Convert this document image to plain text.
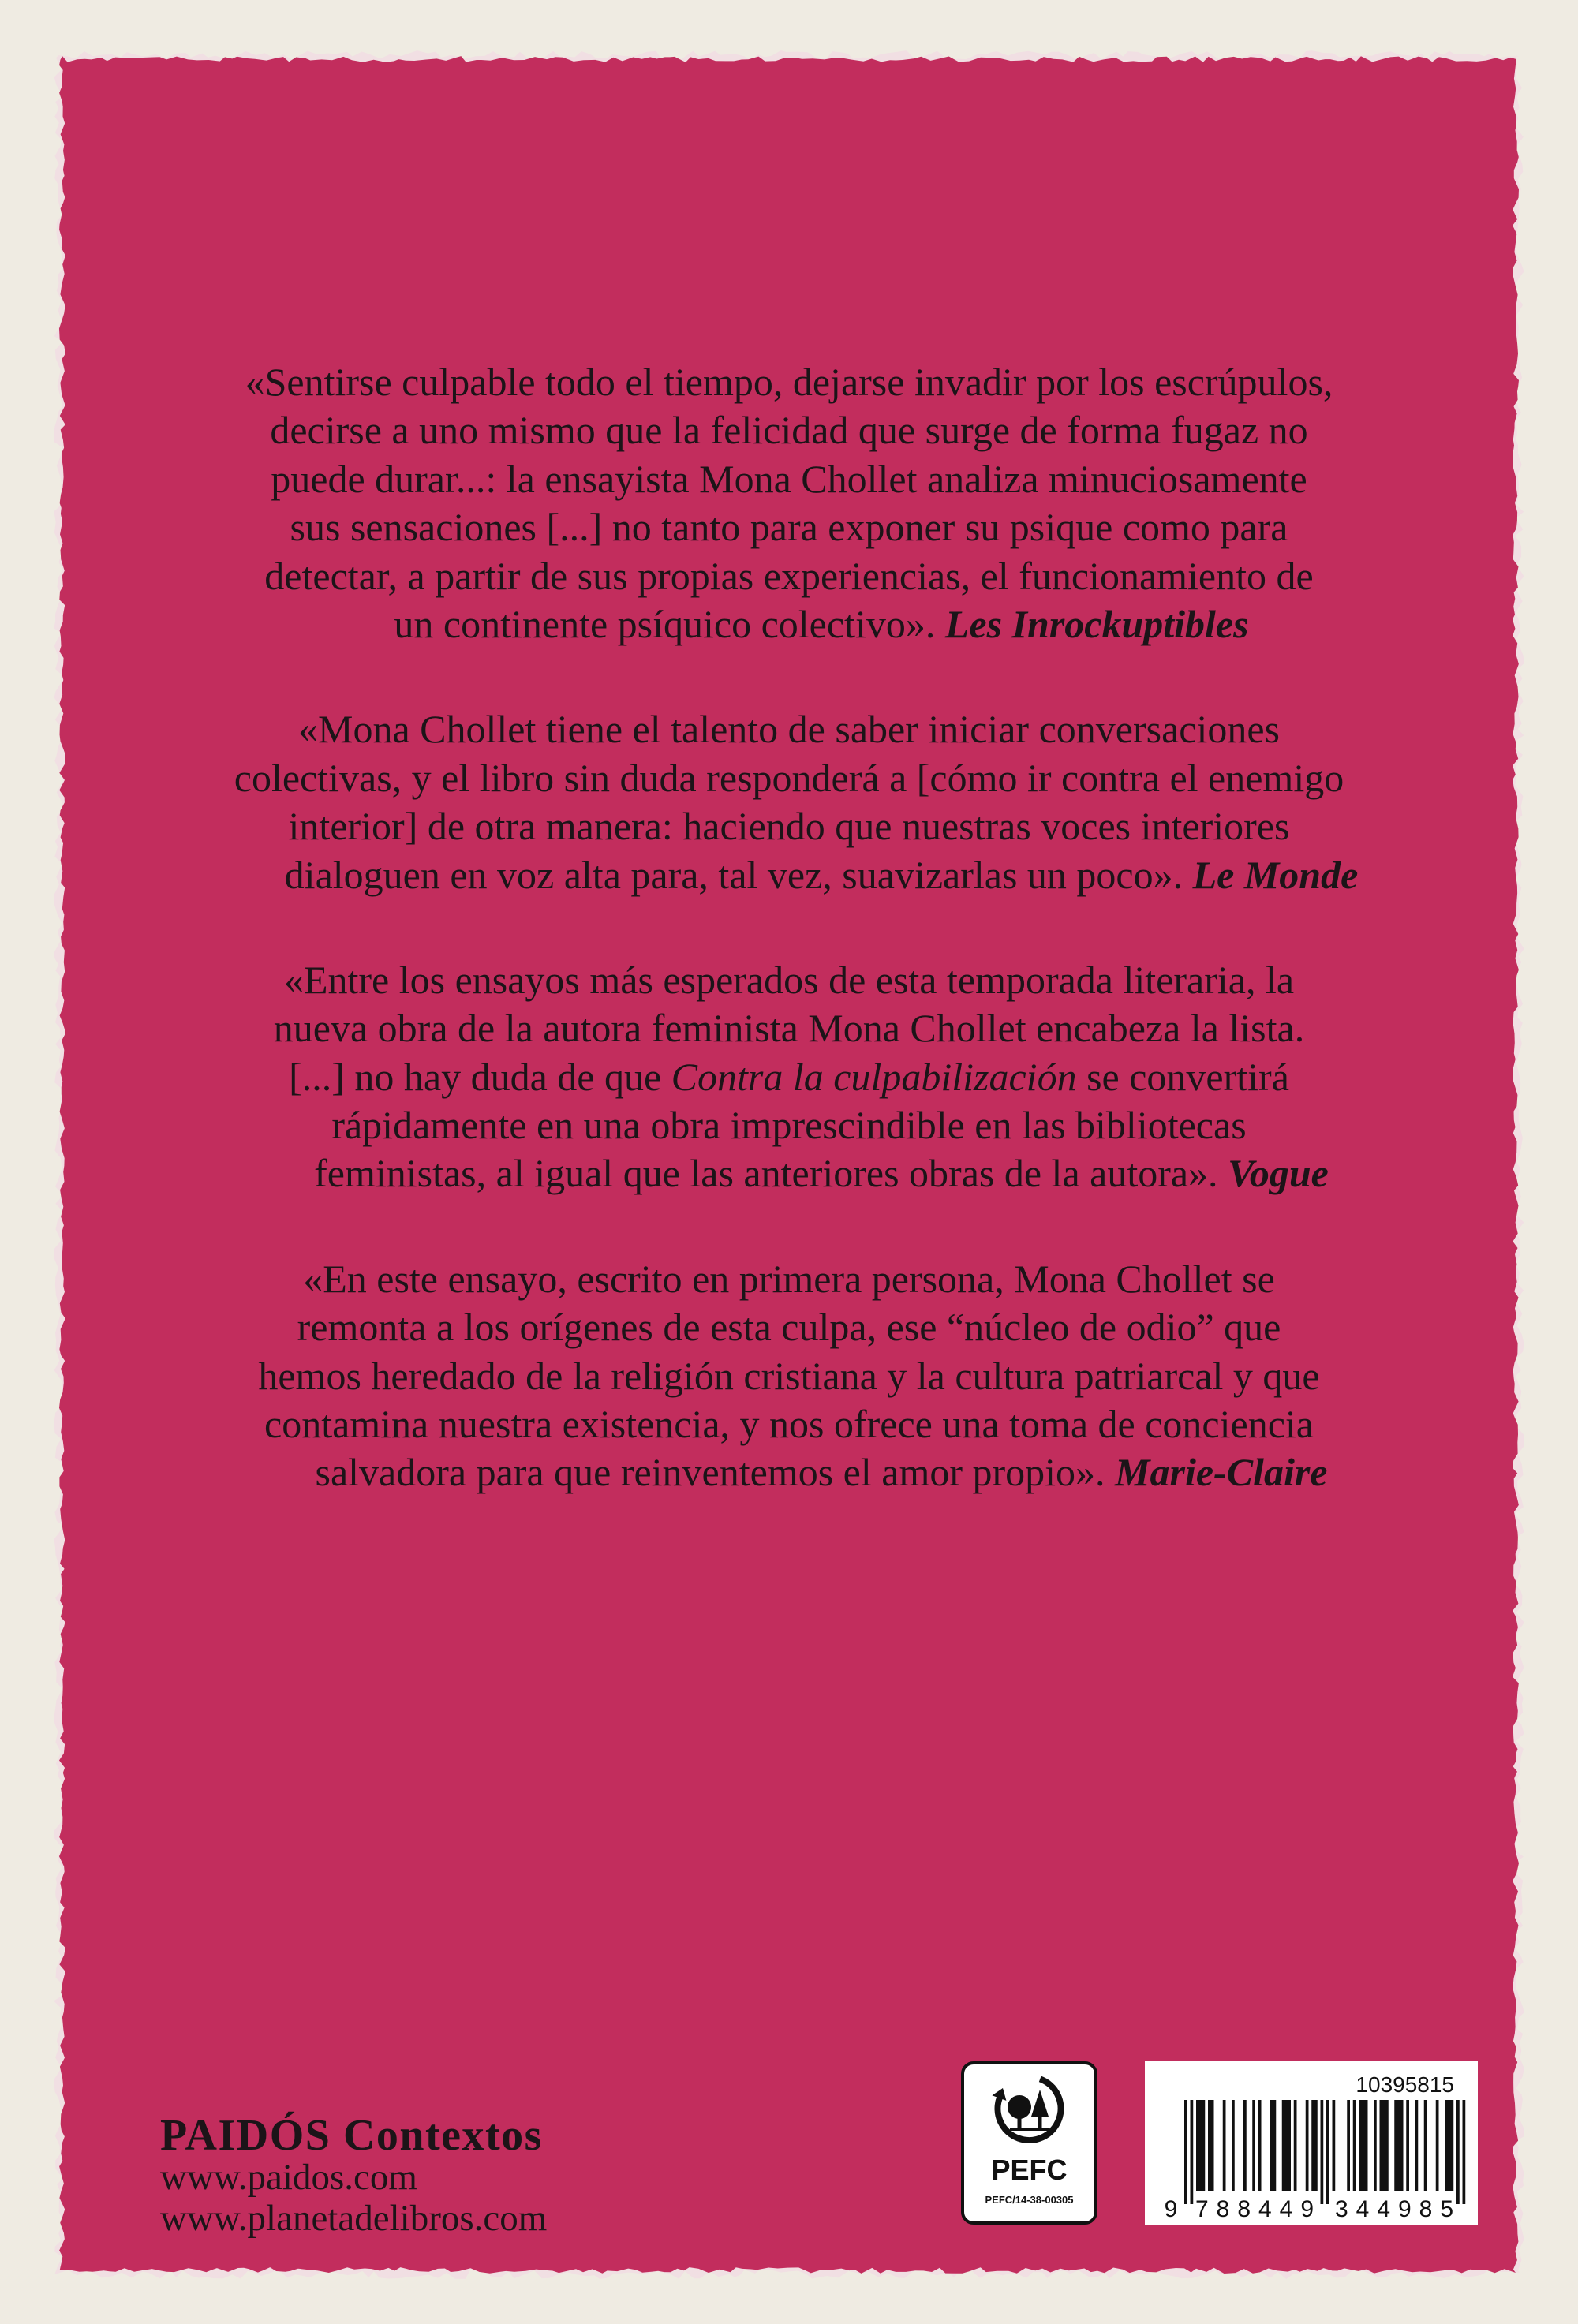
«Sentirse culpable todo el tiempo, dejarse invadir por los escrúpulos,
decirse a uno mismo que la felicidad que surge de forma fugaz no
puede durar...: la ensayista Mona Chollet analiza minuciosamente
sus sensaciones [...] no tanto para exponer su psique como para
detectar, a partir de sus propias experiencias, el funcionamiento de
un continente psíquico colectivo». Les Inrockuptibles
«Mona Chollet tiene el talento de saber iniciar conversaciones
colectivas, y el libro sin duda responderá a [cómo ir contra el enemigo
interior] de otra manera: haciendo que nuestras voces interiores
dialoguen en voz alta para, tal vez, suavizarlas un poco». Le Monde
«Entre los ensayos más esperados de esta temporada literaria, la
nueva obra de la autora feminista Mona Chollet encabeza la lista.
[...] no hay duda de que Contra la culpabilización se convertirá
rápidamente en una obra imprescindible en las bibliotecas
feministas, al igual que las anteriores obras de la autora». Vogue
«En este ensayo, escrito en primera persona, Mona Chollet se
remonta a los orígenes de esta culpa, ese “núcleo de odio” que
hemos heredado de la religión cristiana y la cultura patriarcal y que
contamina nuestra existencia, y nos ofrece una toma de conciencia
salvadora para que reinventemos el amor propio». Marie-Claire
PAIDÓS Contextos
www.paidos.com
www.planetadelibros.com
PEFC
PEFC/14-38-00305
10395815
9 788449 344985
